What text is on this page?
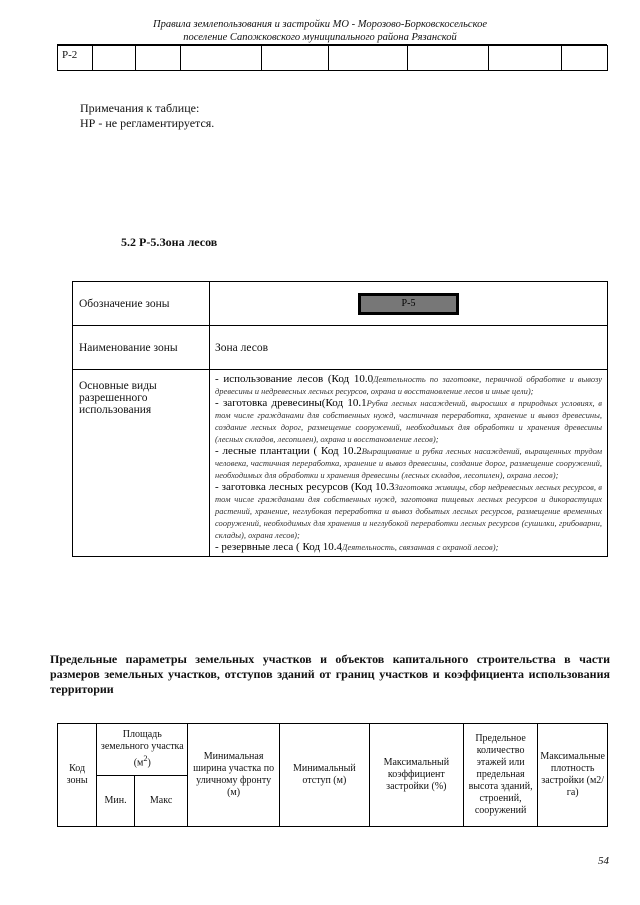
Правила землепользования и застройки МО - Морозово-Борковскосельское
поселение Сапожковского муниципального района Рязанской
Р-2								
Примечания к таблице:
НР - не регламентируется.
5.2 Р-5.Зона лесов
Обозначение зоны	Р-5
Наименование зоны	Зона лесов
Основные виды разрешенного использования	- использование лесов (Код 10.0Деятельность по заготовке, первичной обработке и вывозу древесины и недревесных лесных ресурсов, охрана и восстановление лесов и иные цели);
- заготовка древесины(Код 10.1Рубка лесных насаждений, выросших в природных условиях, в том числе гражданами для собственных нужд, частичная переработка, хранение и вывоз древесины, создание лесных дорог, размещение сооружений, необходимых для обработки и хранения древесины (лесных складов, лесопилен), охрана и восстановление лесов);
- лесные плантации ( Код 10.2Выращивание и рубка лесных насаждений, выращенных трудом человека, частичная переработка, хранение и вывоз древесины, создание дорог, размещение сооружений, необходимых для обработки и хранения древесины (лесных складов, лесопилен), охрана лесов);
- заготовка лесных ресурсов (Код 10.3Заготовка живицы, сбор недревесных лесных ресурсов, в том числе гражданами для собственных нужд, заготовка пищевых лесных ресурсов и дикорастущих растений, хранение, неглубокая переработка и вывоз добытых лесных ресурсов, размещение временных сооружений, необходимых для хранения и неглубокой переработки лесных ресурсов (сушилки, грибоварни, склады), охрана лесов);
- резервные леса ( Код 10.4Деятельность, связанная с охраной лесов);
Предельные параметры земельных участков и объектов капитального строительства в части размеров земельных участков, отступов зданий от границ участков и коэффициента использования территории
Код зоны	Площадь земельного участка $(м^2)$		Минимальная ширина участка по уличному фронту (м)	Минимальный отступ (м)	Максимальный коэффициент застройки (%)	Предельное количество этажей или предельная высота зданий, строений, сооружений	Максимальные плотность застройки (м2/га)
	Мин.	Макс					
54
